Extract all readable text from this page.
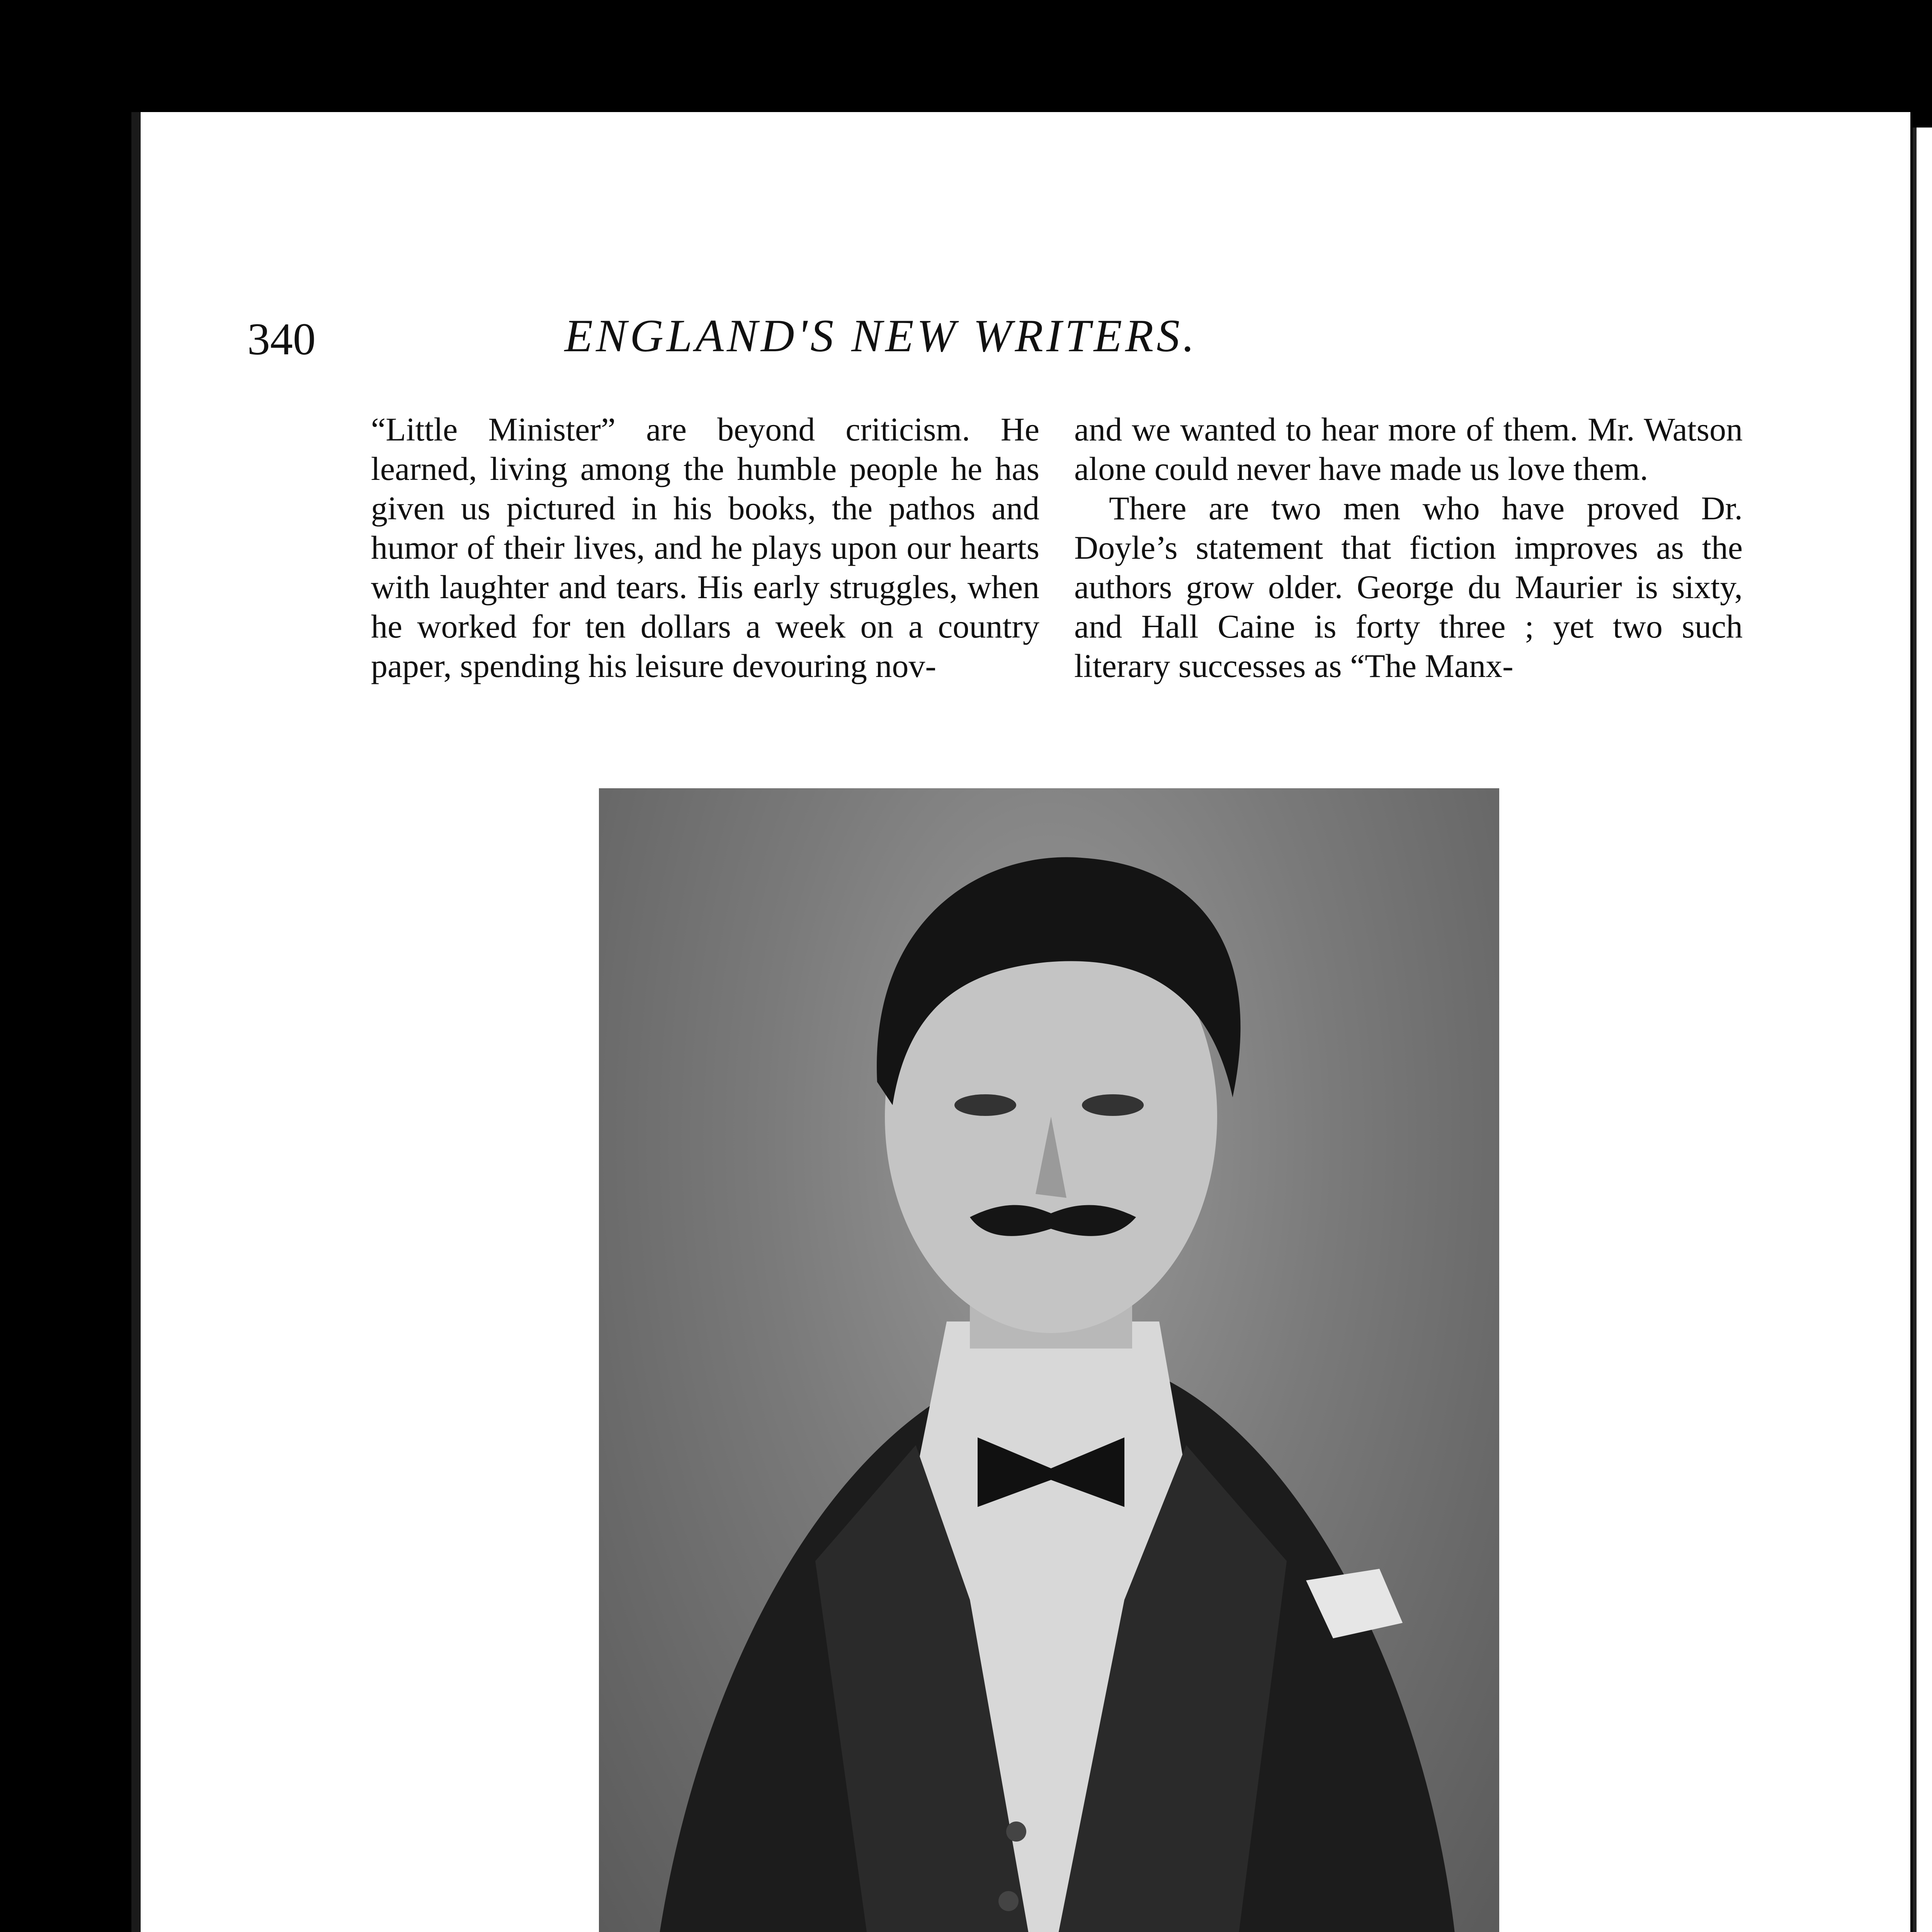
340	ENGLAND'S NEW WRITERS.

“Little Minister” are beyond criticism. He learned, living among the humble people he has given us pictured in his books, the pathos and humor of their lives, and he plays upon our hearts with laughter and tears. His early struggles, when he worked for ten dollars a week on a country paper, spending his leisure devouring nov-

and we wanted to hear more of them. Mr. Watson alone could never have made us love them.

There are two men who have proved Dr. Doyle’s statement that fiction improves as the authors grow older. George du Maurier is sixty, and Hall Caine is forty three ; yet two such literary successes as “The Manx-
